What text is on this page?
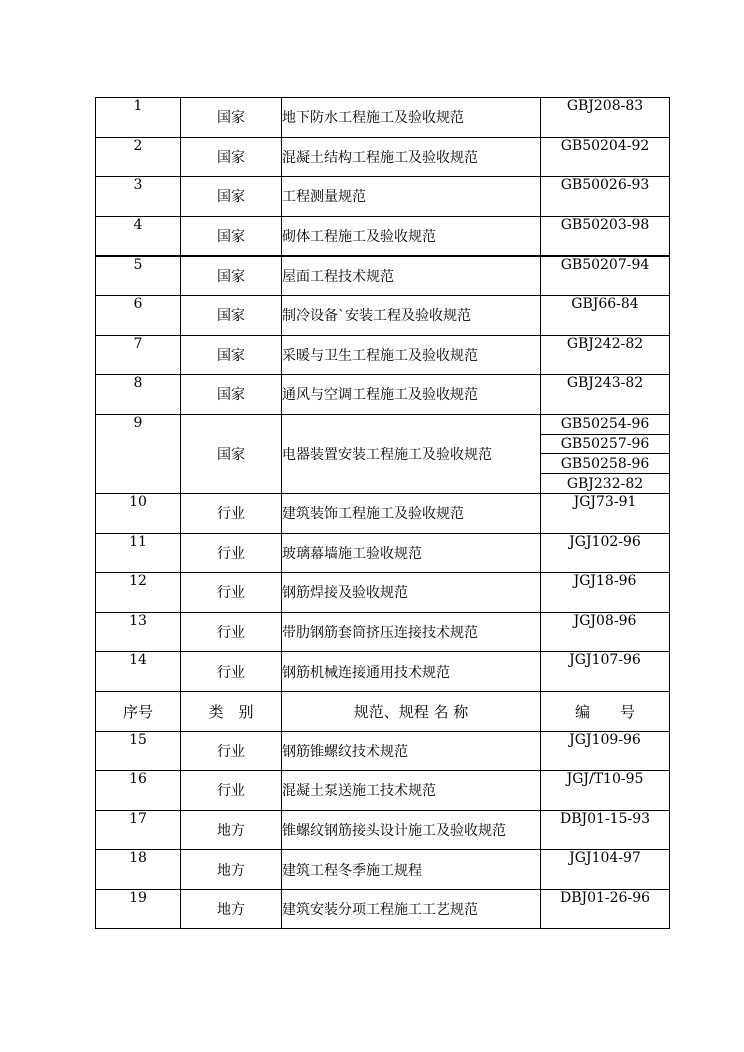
1	国家	地下防水工程施工及验收规范	GBJ208-83
2	国家	混凝土结构工程施工及验收规范	GB50204-92
3	国家	工程测量规范	GB50026-93
4	国家	砌体工程施工及验收规范	GB50203-98
5	国家	屋面工程技术规范	GB50207-94
6	国家	制冷设备`安装工程及验收规范	GBJ66-84
7	国家	采暖与卫生工程施工及验收规范	GBJ242-82
8	国家	通风与空调工程施工及验收规范	GBJ243-82
9	国家	电器装置安装工程施工及验收规范	GB50254-96
			GB50257-96
			GB50258-96
			GBJ232-82
10	行业	建筑装饰工程施工及验收规范	JGJ73-91
11	行业	玻璃幕墙施工验收规范	JGJ102-96
12	行业	钢筋焊接及验收规范	JGJ18-96
13	行业	带肋钢筋套筒挤压连接技术规范	JGJ08-96
14	行业	钢筋机械连接通用技术规范	JGJ107-96
序号	类　别	规范、规程 名 称	编　　号
15	行业	钢筋锥螺纹技术规范	JGJ109-96
16	行业	混凝土泵送施工技术规范	JGJ/T10-95
17	地方	锥螺纹钢筋接头设计施工及验收规范	DBJ01-15-93
18	地方	建筑工程冬季施工规程	JGJ104-97
19	地方	建筑安装分项工程施工工艺规范	DBJ01-26-96
